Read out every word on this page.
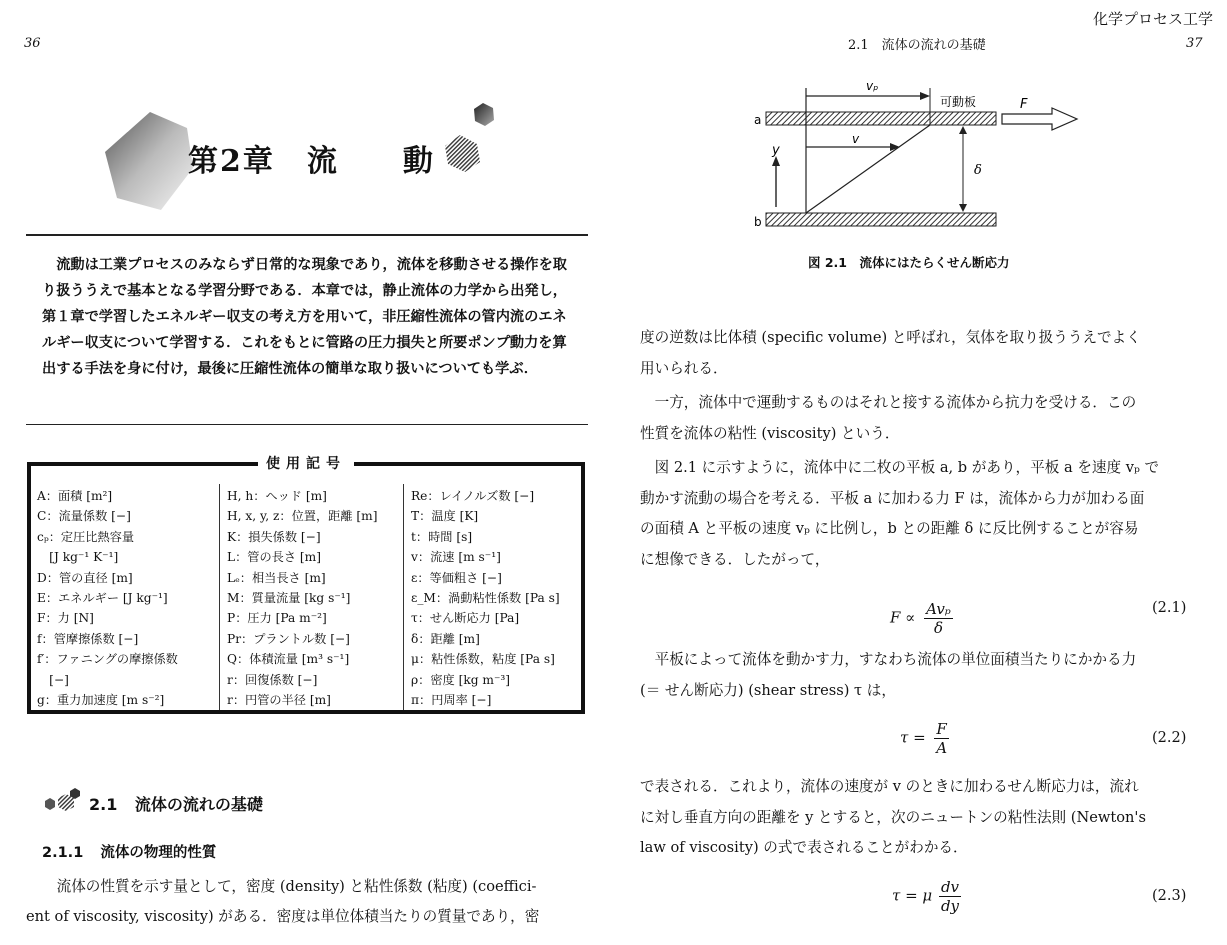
化学プロセス工学
36
第2章　流　　動

流動は工業プロセスのみならず日常的な現象であり，流体を移動させる操作を取り扱ううえで基本となる学習分野である．本章では，静止流体の力学から出発し，第１章で学習したエネルギー収支の考え方を用いて，非圧縮性流体の管内流のエネルギー収支について学習する．これをもとに管路の圧力損失と所要ポンプ動力を算出する手法を身に付け，最後に圧縮性流体の簡単な取り扱いについても学ぶ．

使用記号
A：面積 [m²]
C：流量係数 [−]
cₚ：定圧比熱容量
　[J kg⁻¹ K⁻¹]
D：管の直径 [m]
E：エネルギー [J kg⁻¹]
F：力 [N]
f：管摩擦係数 [−]
f′：ファニングの摩擦係数
　[−]
g：重力加速度 [m s⁻²]
H, h：ヘッド [m]
H, x, y, z：位置，距離 [m]
K：損失係数 [−]
L：管の長さ [m]
Lₑ：相当長さ [m]
M：質量流量 [kg s⁻¹]
P：圧力 [Pa m⁻²]
Pr：プラントル数 [−]
Q：体積流量 [m³ s⁻¹]
r：回復係数 [−]
r：円管の半径 [m]
Re：レイノルズ数 [−]
T：温度 [K]
t：時間 [s]
v：流速 [m s⁻¹]
ε：等価粗さ [−]
ε_M：渦動粘性係数 [Pa s]
τ：せん断応力 [Pa]
δ：距離 [m]
μ：粘性係数，粘度 [Pa s]
ρ：密度 [kg m⁻³]
π：円周率 [−]
2.1 流体の流れの基礎
2.1.1 流体の物理的性質
流体の性質を示す量として，密度 (density) と粘性係数 (粘度) (coeffici-
ent of viscosity, viscosity) がある．密度は単位体積当たりの質量であり，密
2.1　流体の流れの基礎	37
vₚ
可動板	F
a
b
v
y
δ
図 2.1　流体にはたらくせん断応力

度の逆数は比体積 (specific volume) と呼ばれ，気体を取り扱ううえでよく

用いられる．

一方，流体中で運動するものはそれと接する流体から抗力を受ける．この

性質を流体の粘性 (viscosity) という．

図 2.1 に示すように，流体中に二枚の平板 a, b があり，平板 a を速度 vₚ で

動かす流動の場合を考える．平板 a に加わる力 F は，流体から力が加わる面

の面積 A と平板の速度 vₚ に比例し，b との距離 δ に反比例することが容易

に想像できる．したがって，

F ∝ Avₚ
δ
(2.1)

平板によって流体を動かす力，すなわち流体の単位面積当たりにかかる力

(＝ せん断応力) (shear stress) τ は，

$\tau = \frac{F}{A}$	(2.2)

で表される．これより，流体の速度が v のときに加わるせん断応力は，流れ

に対し垂直方向の距離を y とすると，次のニュートンの粘性法則 (Newton's

law of viscosity) の式で表されることがわかる．

τ = μ $\frac{dv}{dy}$	(2.3)
